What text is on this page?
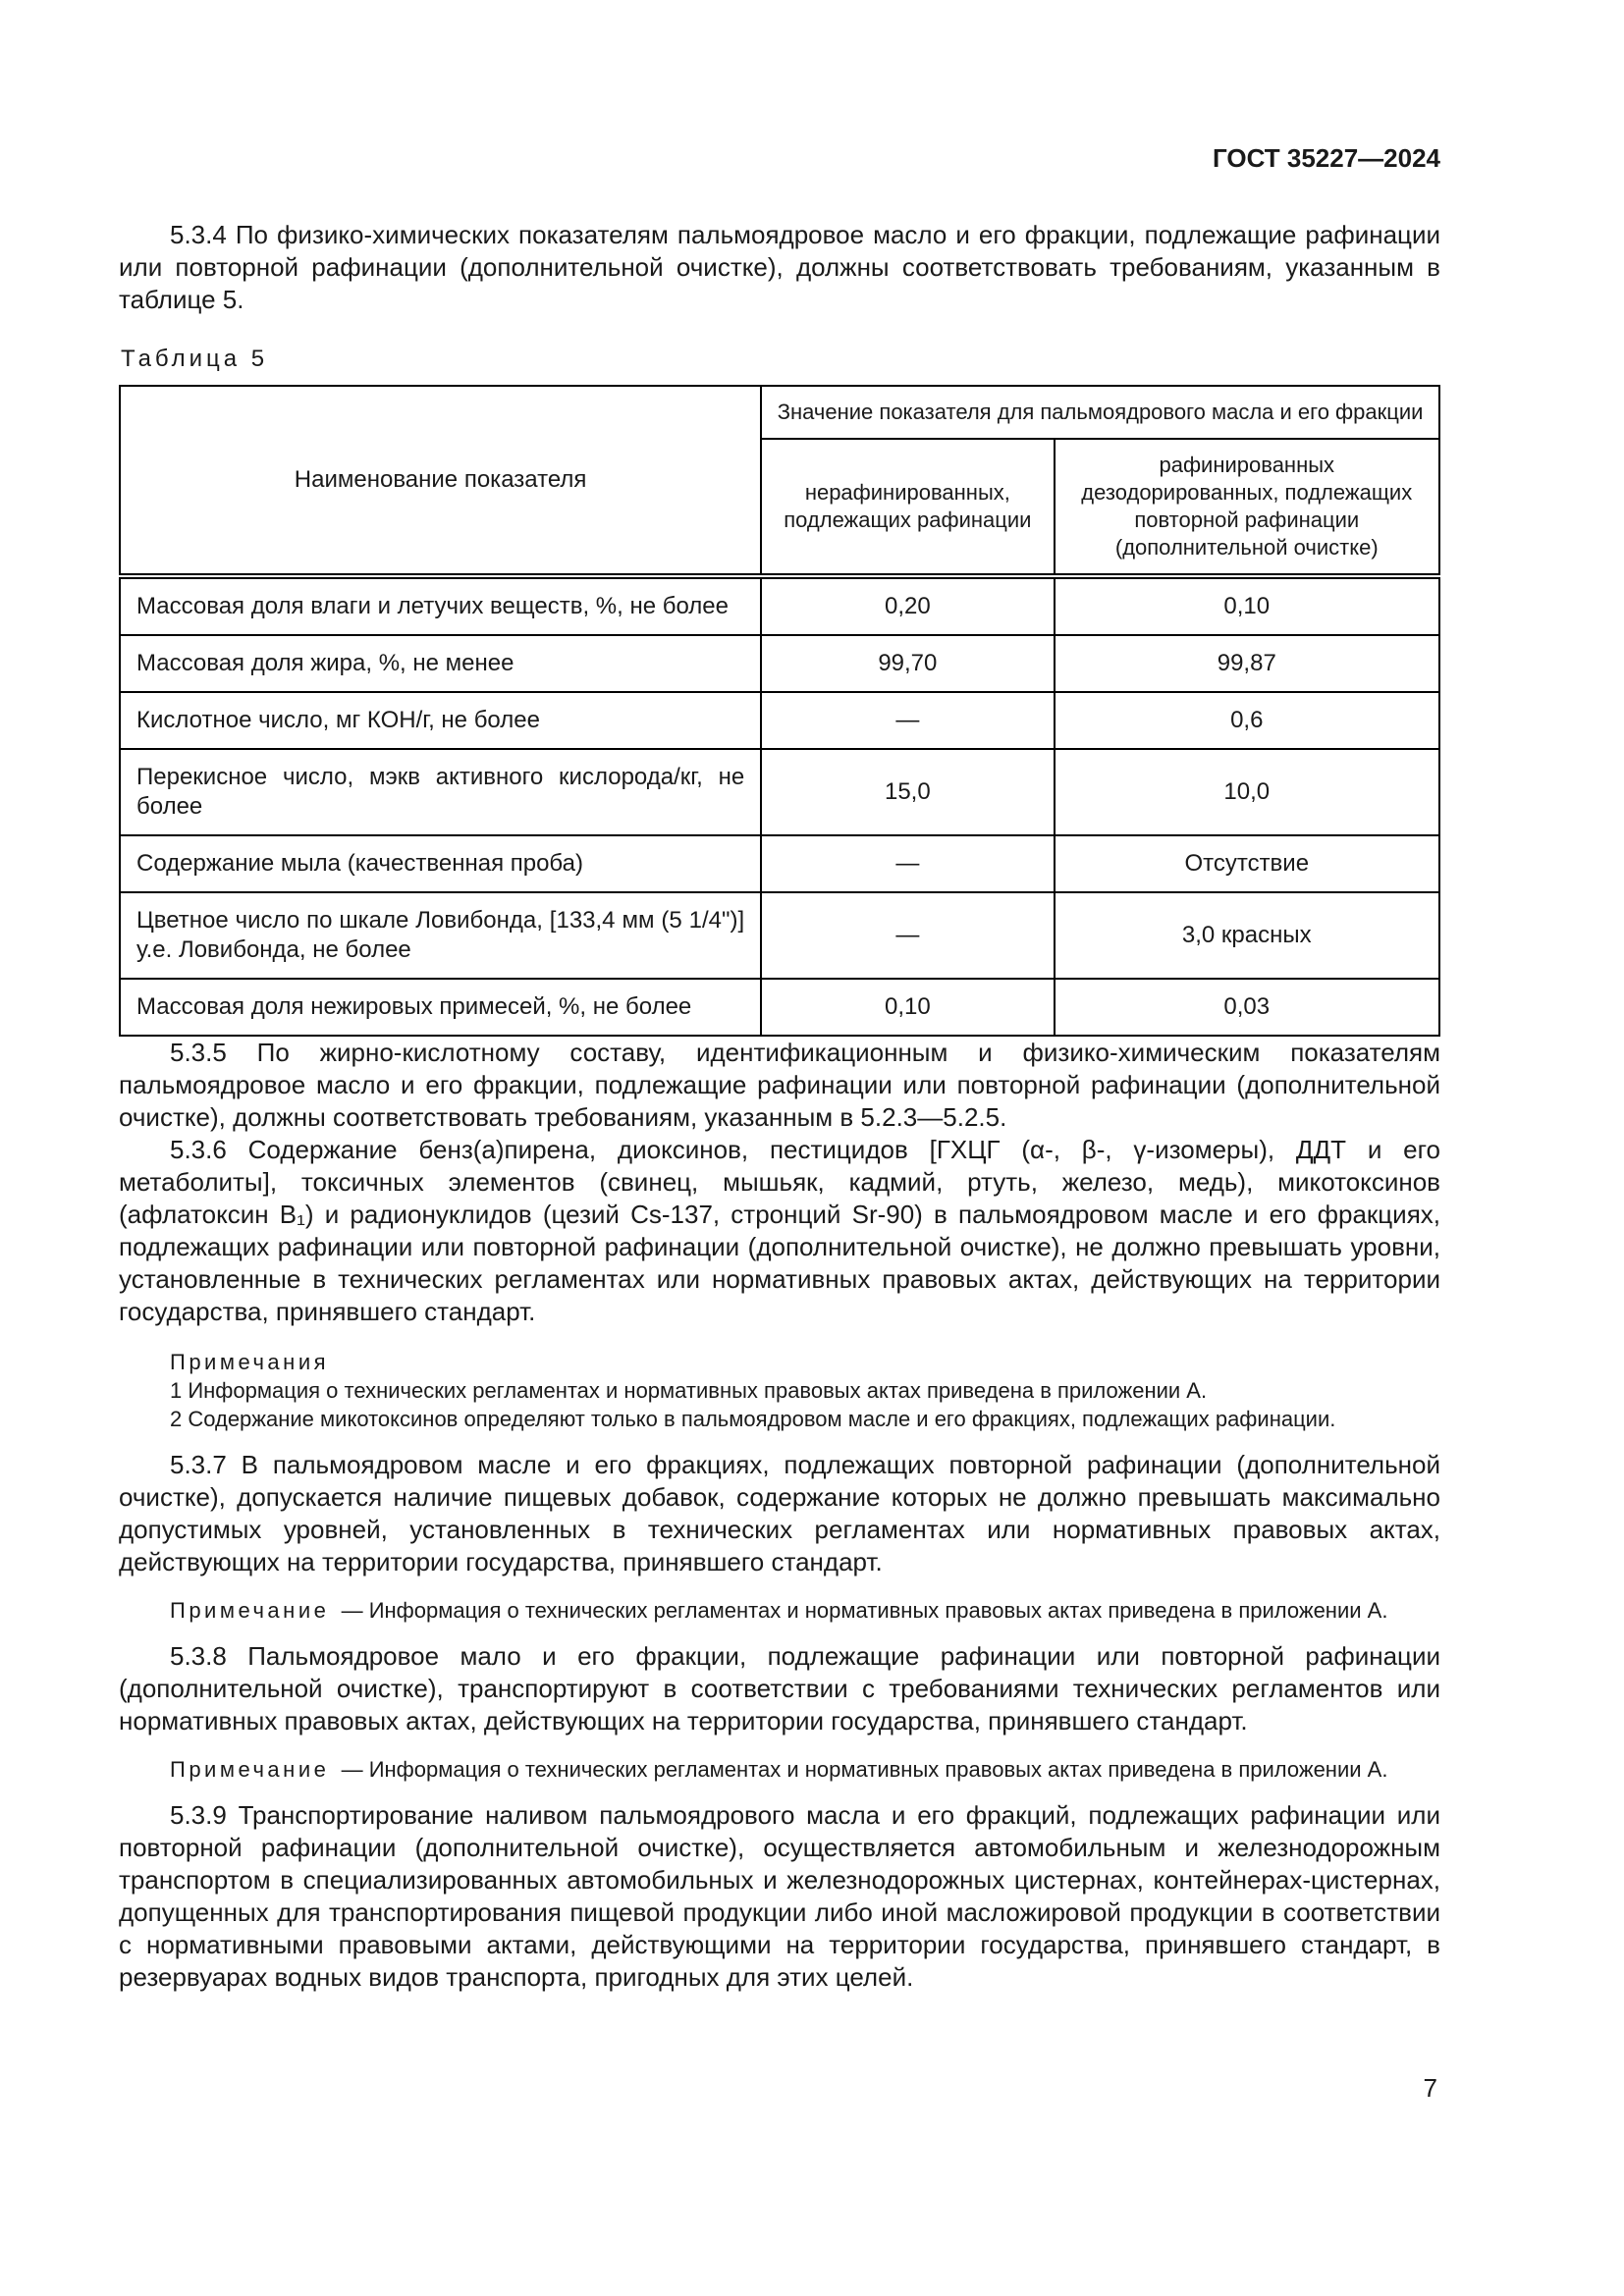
ГОСТ 35227—2024

5.3.4 По физико-химических показателям пальмоядровое масло и его фракции, подлежащие рафинации или повторной рафинации (дополнительной очистке), должны соответствовать требованиям, указанным в таблице 5.

Таблица 5
Наименование показателя	Значение показателя для пальмоядрового масла и его фракции	
	нерафинированных, подлежащих рафинации	рафинированных дезодорированных, подлежащих повторной рафинации (дополнительной очистке)
Массовая доля влаги и летучих веществ, %, не более	0,20	0,10
Массовая доля жира, %, не менее	99,70	99,87
Кислотное число, мг КОН/г, не более	—	0,6
Перекисное число, мэкв активного кислорода/кг, не более	15,0	10,0
Содержание мыла (качественная проба)	—	Отсутствие
Цветное число по шкале Ловибонда, [133,4 мм (5 1/4")] у.е. Ловибонда, не более	—	3,0 красных
Массовая доля нежировых примесей, %, не более	0,10	0,03

5.3.5 По жирно-кислотному составу, идентификационным и физико-химическим показателям пальмоядровое масло и его фракции, подлежащие рафинации или повторной рафинации (дополнительной очистке), должны соответствовать требованиям, указанным в 5.2.3—5.2.5.

5.3.6 Содержание бенз(а)пирена, диоксинов, пестицидов [ГХЦГ (α-, β-, γ-изомеры), ДДТ и его метаболиты], токсичных элементов (свинец, мышьяк, кадмий, ртуть, железо, медь), микотоксинов (афлатоксин В₁) и радионуклидов (цезий Cs-137, стронций Sr-90) в пальмоядровом масле и его фракциях, подлежащих рафинации или повторной рафинации (дополнительной очистке), не должно превышать уровни, установленные в технических регламентах или нормативных правовых актах, действующих на территории государства, принявшего стандарт.

Примечания

1 Информация о технических регламентах и нормативных правовых актах приведена в приложении А.

2 Содержание микотоксинов определяют только в пальмоядровом масле и его фракциях, подлежащих рафинации.

5.3.7 В пальмоядровом масле и его фракциях, подлежащих повторной рафинации (дополнительной очистке), допускается наличие пищевых добавок, содержание которых не должно превышать максимально допустимых уровней, установленных в технических регламентах или нормативных правовых актах, действующих на территории государства, принявшего стандарт.

Примечание — Информация о технических регламентах и нормативных правовых актах приведена в приложении А.

5.3.8 Пальмоядровое мало и его фракции, подлежащие рафинации или повторной рафинации (дополнительной очистке), транспортируют в соответствии с требованиями технических регламентов или нормативных правовых актах, действующих на территории государства, принявшего стандарт.

Примечание — Информация о технических регламентах и нормативных правовых актах приведена в приложении А.

5.3.9 Транспортирование наливом пальмоядрового масла и его фракций, подлежащих рафинации или повторной рафинации (дополнительной очистке), осуществляется автомобильным и железнодорожным транспортом в специализированных автомобильных и железнодорожных цистернах, контейнерах-цистернах, допущенных для транспортирования пищевой продукции либо иной масложировой продукции в соответствии с нормативными правовыми актами, действующими на территории государства, принявшего стандарт, в резервуарах водных видов транспорта, пригодных для этих целей.

7
